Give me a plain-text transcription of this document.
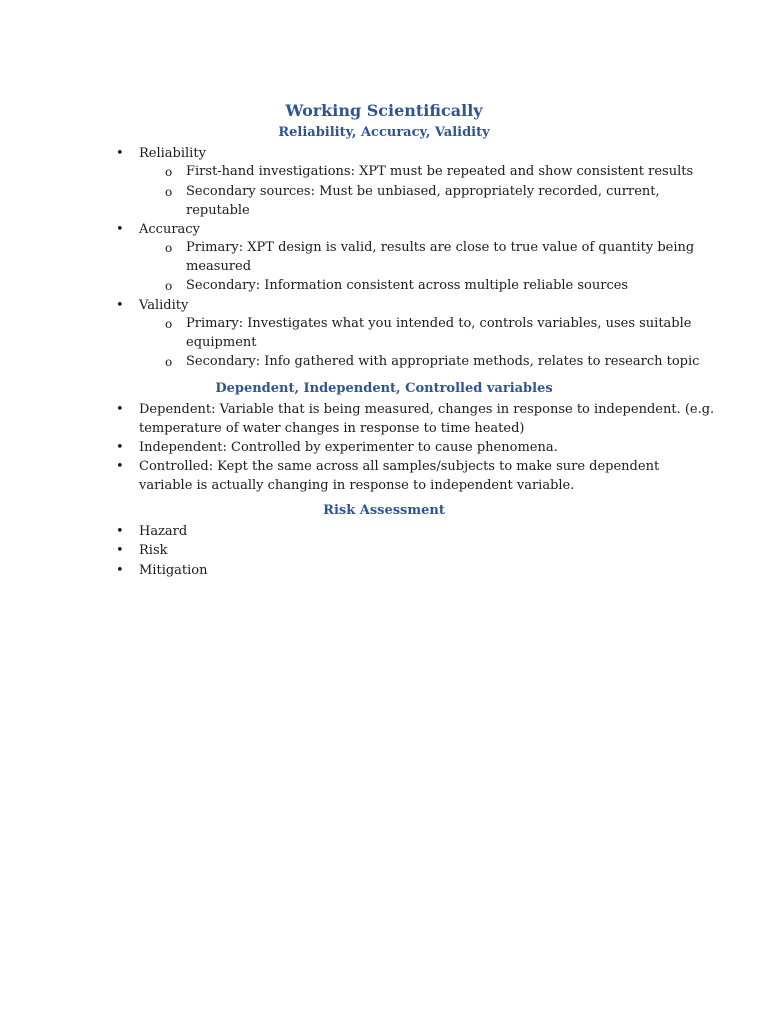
Working Scientifically
Reliability, Accuracy, Validity
• Reliability
o First-hand investigations: XPT must be repeated and show consistent results
o Secondary sources: Must be unbiased, appropriately recorded, current,
reputable
• Accuracy
o Primary: XPT design is valid, results are close to true value of quantity being
measured
o Secondary: Information consistent across multiple reliable sources
• Validity
o Primary: Investigates what you intended to, controls variables, uses suitable
equipment
o Secondary: Info gathered with appropriate methods, relates to research topic
Dependent, Independent, Controlled variables
• Dependent: Variable that is being measured, changes in response to independent. (e.g.
temperature of water changes in response to time heated)
• Independent: Controlled by experimenter to cause phenomena.
• Controlled: Kept the same across all samples/subjects to make sure dependent
variable is actually changing in response to independent variable.
Risk Assessment
• Hazard
• Risk
• Mitigation
